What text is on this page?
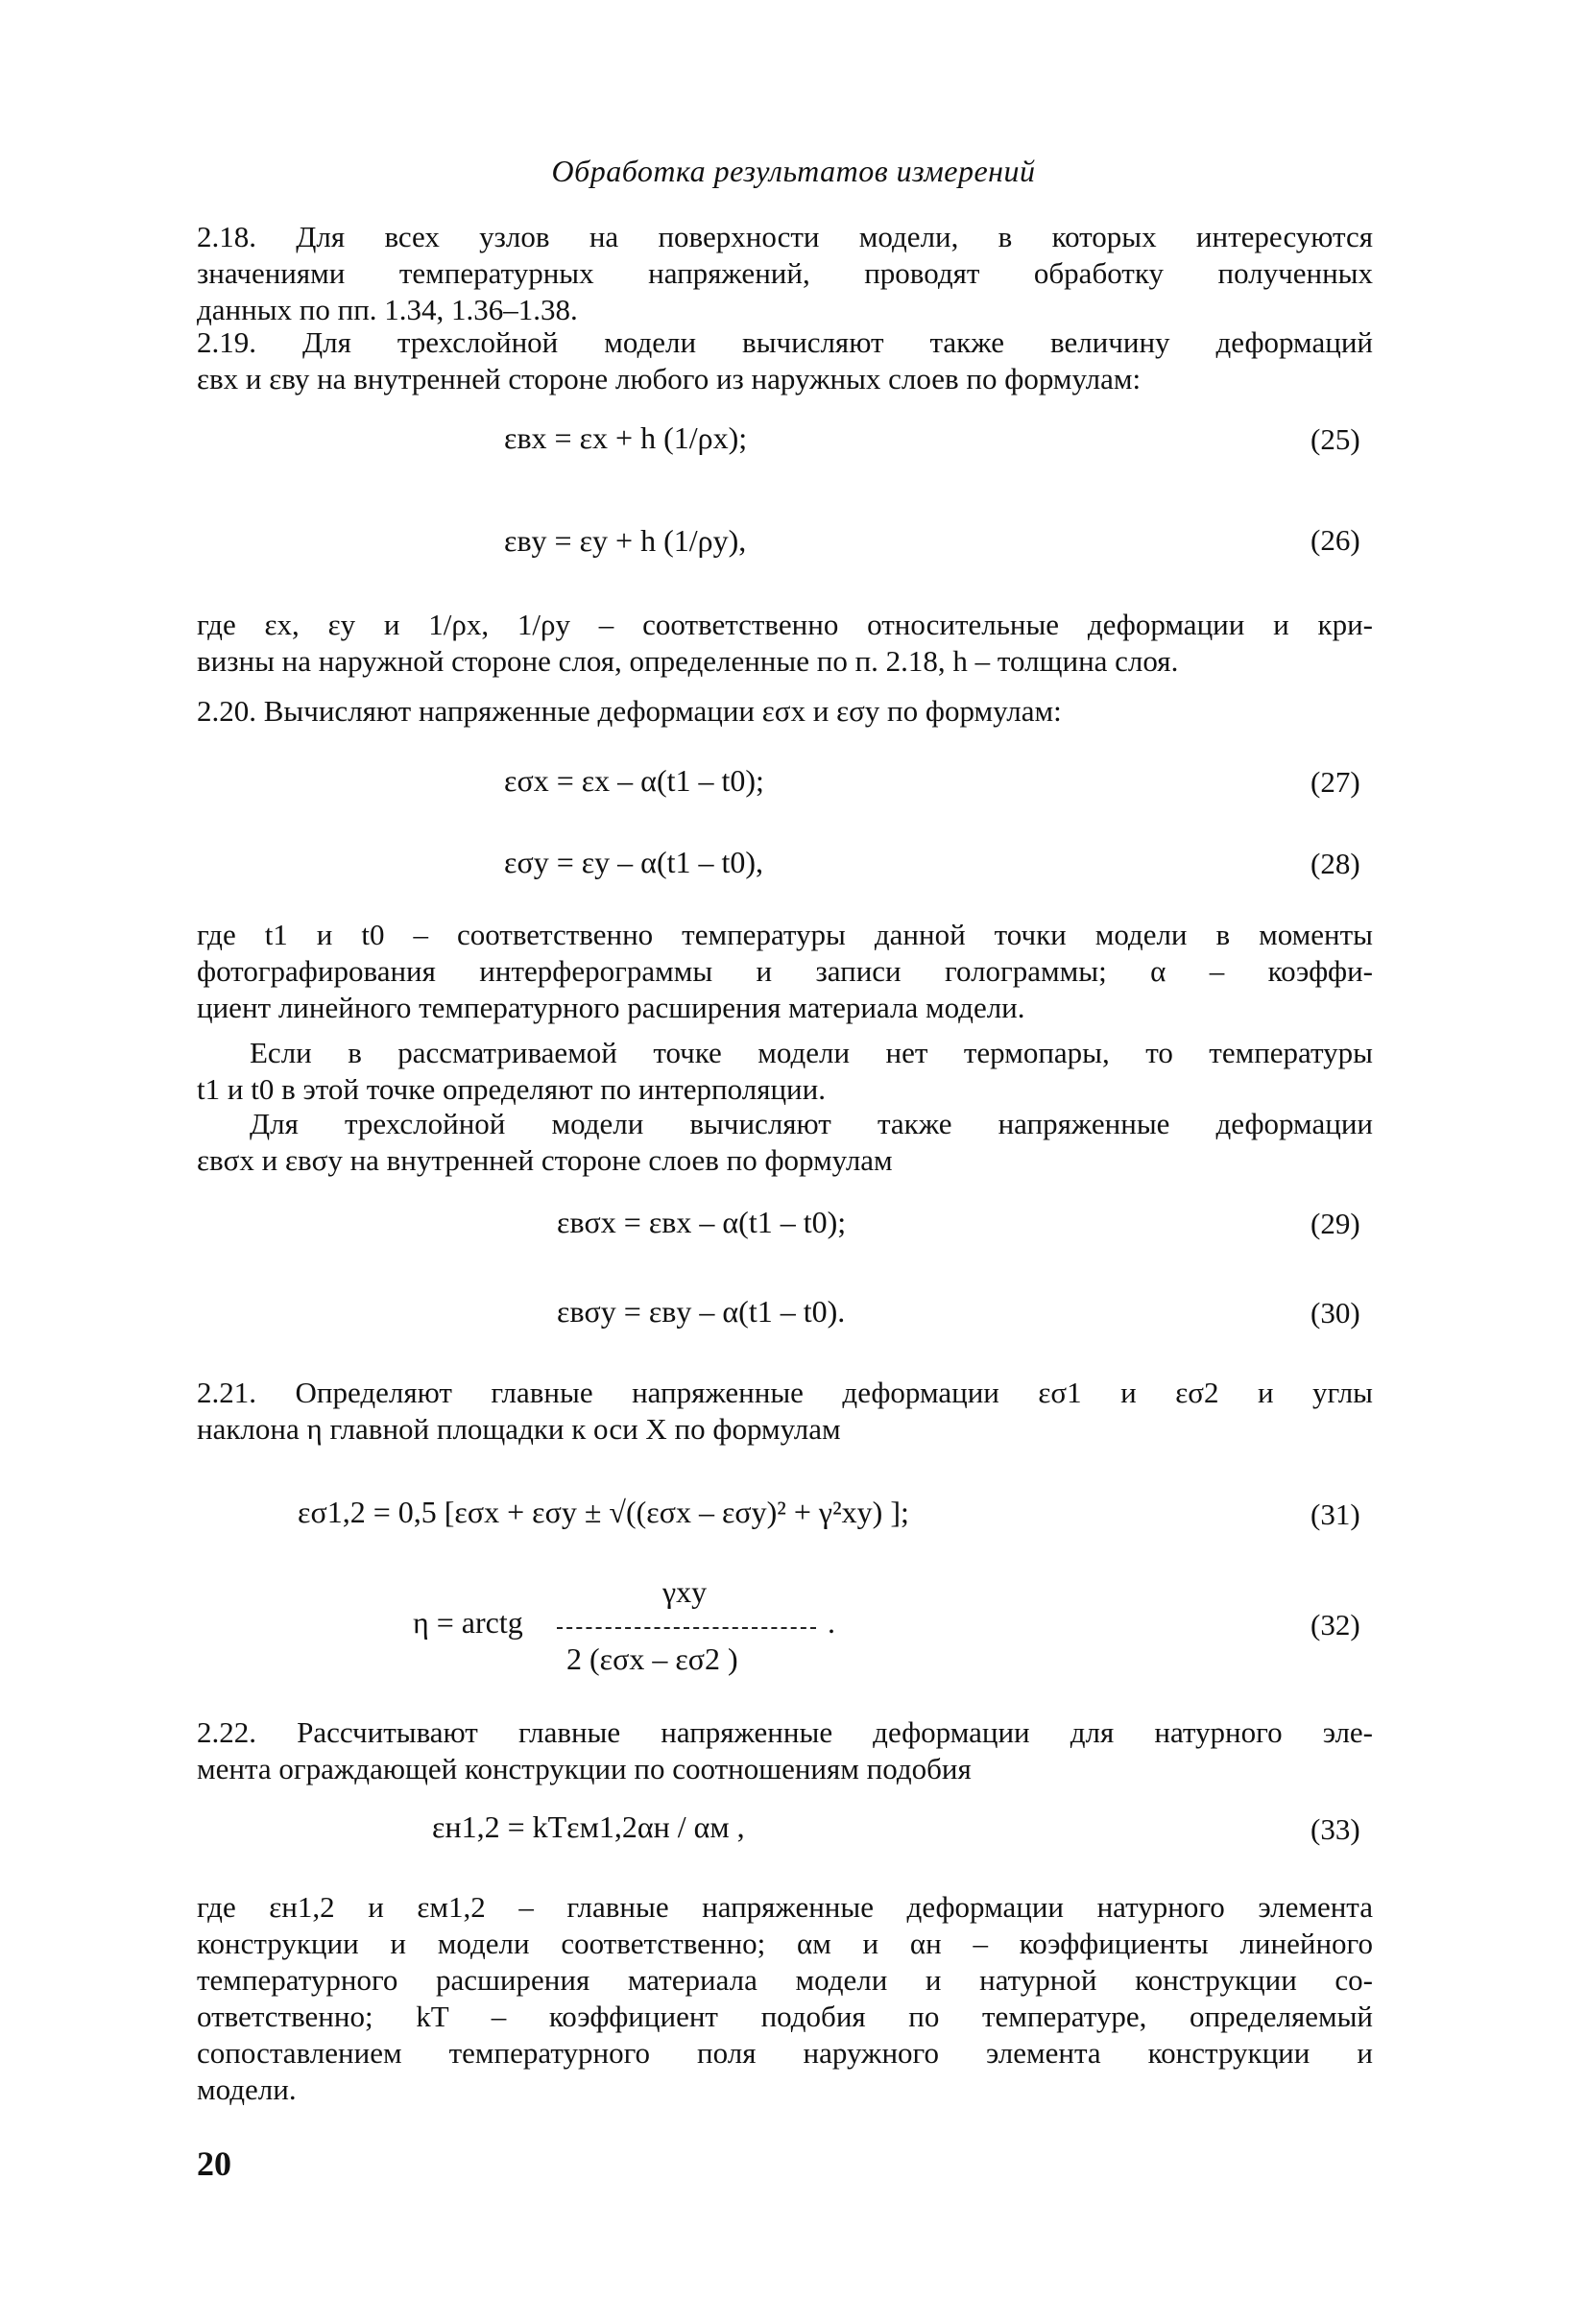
Обработка результатов измерений
2.18. Для всех узлов на поверхности модели, в которых интересуются
значениями температурных напряжений, проводят обработку полученных
данных по пп. 1.34, 1.36–1.38.
2.19. Для трехслойной модели вычисляют также величину деформаций
εвх и εву на внутренней стороне любого из наружных слоев по формулам:
εвx = εx + h (1/ρx);	(25)
εвy = εy + h (1/ρy),	(26)
где εx, εy и 1/ρx, 1/ρy – соответственно относительные деформации и кри-
визны на наружной стороне слоя, определенные по п. 2.18, h – толщина слоя.
2.20. Вычисляют напряженные деформации εσx и εσy по формулам:
εσx = εx – α(t1 – t0);	(27)
εσy = εy – α(t1 – t0),	(28)
где t1 и t0 – соответственно температуры данной точки модели в моменты
фотографирования интерферограммы и записи голограммы; α – коэффи-
циент линейного температурного расширения материала модели.
Если в рассматриваемой точке модели нет термопары, то температуры
t1 и t0 в этой точке определяют по интерполяции.
Для трехслойной модели вычисляют также напряженные деформации
εвσx и εвσy на внутренней стороне слоев по формулам
εвσx = εвx – α(t1 – t0);	(29)
εвσy = εвy – α(t1 – t0).	(30)
2.21. Определяют главные напряженные деформации εσ1 и εσ2 и углы
наклона η главной площадки к оси X по формулам
εσ1,2 = 0,5 [εσx + εσy ± √((εσx – εσy)² + γ²xy) ];	(31)
η = arctg
γxy
2 (εσx – εσ2 )
.	(32)
2.22. Рассчитывают главные напряженные деформации для натурного эле-
мента ограждающей конструкции по соотношениям подобия
εн1,2 = kTεм1,2αн / αм ,	(33)
где εн1,2 и εм1,2 – главные напряженные деформации натурного элемента
конструкции и модели соответственно; αм и αн – коэффициенты линейного
температурного расширения материала модели и натурной конструкции со-
ответственно; kT – коэффициент подобия по температуре, определяемый
сопоставлением температурного поля наружного элемента конструкции и
модели.
20
